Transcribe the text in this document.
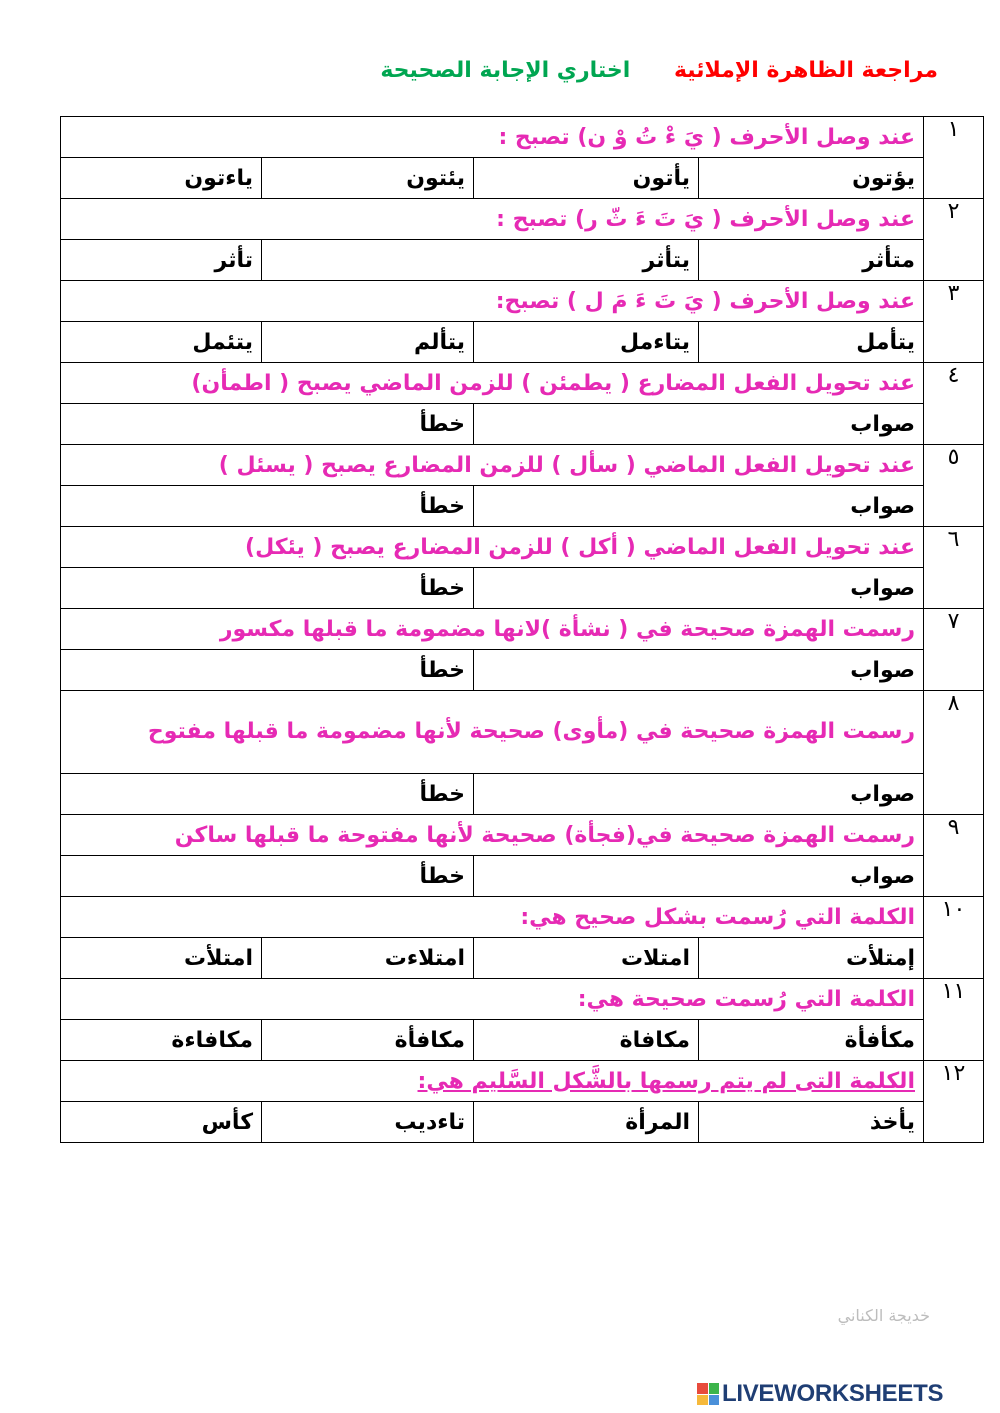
مراجعة الظاهرة الإملائية اختاري الإجابة الصحيحة
١	عند وصل الأحرف ( يَ ءْ تُ وْ ن) تصبح :			
	يؤتون	يأتون	يئتون	ياءتون
٢	عند وصل الأحرف ( يَ تَ ءَ ثّ ر) تصبح :			
	متأثر	يتأثر		تأثر
٣	عند وصل الأحرف ( يَ تَ ءَ مَ ل ) تصبح:			
	يتأمل	يتاءمل	يتألم	يتئمل
٤	عند تحويل الفعل المضارع ( يطمئن ) للزمن الماضي يصبح ( اطمأن)			
	صواب		خطأ	
٥	عند تحويل الفعل الماضي ( سأل ) للزمن المضارع يصبح ( يسئل )			
	صواب		خطأ	
٦	عند تحويل الفعل الماضي ( أكل ) للزمن المضارع يصبح ( يئكل)			
	صواب		خطأ	
٧	رسمت الهمزة صحيحة في ( نشأة )لانها مضمومة ما قبلها مكسور			
	صواب		خطأ	
٨	رسمت الهمزة صحيحة في (مأوى) صحيحة لأنها مضمومة ما قبلها مفتوح			
	صواب		خطأ	
٩	رسمت الهمزة صحيحة في(فجأة) صحيحة لأنها مفتوحة ما قبلها ساكن			
	صواب		خطأ	
١٠	الكلمة التي رُسمت بشكل صحيح هي:			
	إمتلأت	امتلات	امتلاءت	امتلأت
١١	الكلمة التي رُسمت صحيحة هي:			
	مكأفأة	مكافاة	مكافأة	مكافاءة
١٢	الكلمة التى لم يتم رسمها بالشَّكل السَّليم هي:			
	يأخذ	المرأة	تاءديب	كأس
خديجة الكناني
LIVEWORKSHEETS
